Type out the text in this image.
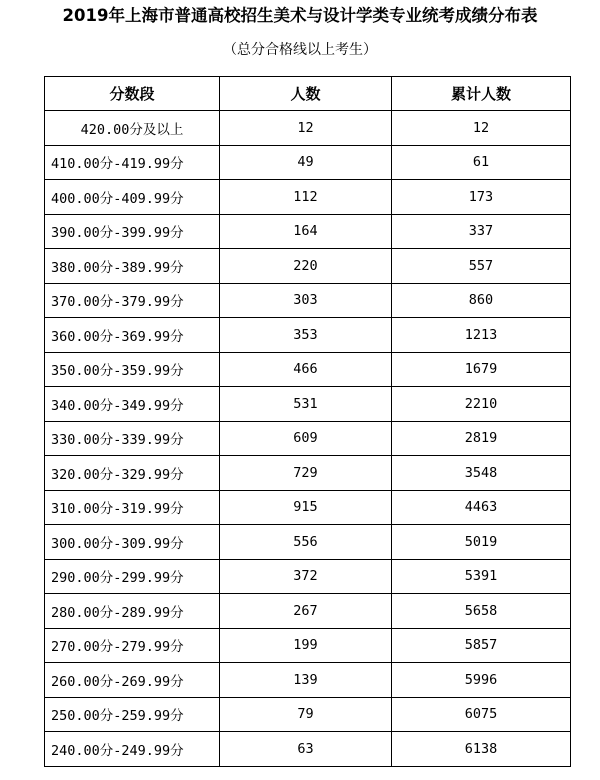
2019年上海市普通高校招生美术与设计学类专业统考成绩分布表
（总分合格线以上考生）
分数段	人数	累计人数
420.00分及以上	12	12
410.00分-419.99分	49	61
400.00分-409.99分	112	173
390.00分-399.99分	164	337
380.00分-389.99分	220	557
370.00分-379.99分	303	860
360.00分-369.99分	353	1213
350.00分-359.99分	466	1679
340.00分-349.99分	531	2210
330.00分-339.99分	609	2819
320.00分-329.99分	729	3548
310.00分-319.99分	915	4463
300.00分-309.99分	556	5019
290.00分-299.99分	372	5391
280.00分-289.99分	267	5658
270.00分-279.99分	199	5857
260.00分-269.99分	139	5996
250.00分-259.99分	79	6075
240.00分-249.99分	63	6138
